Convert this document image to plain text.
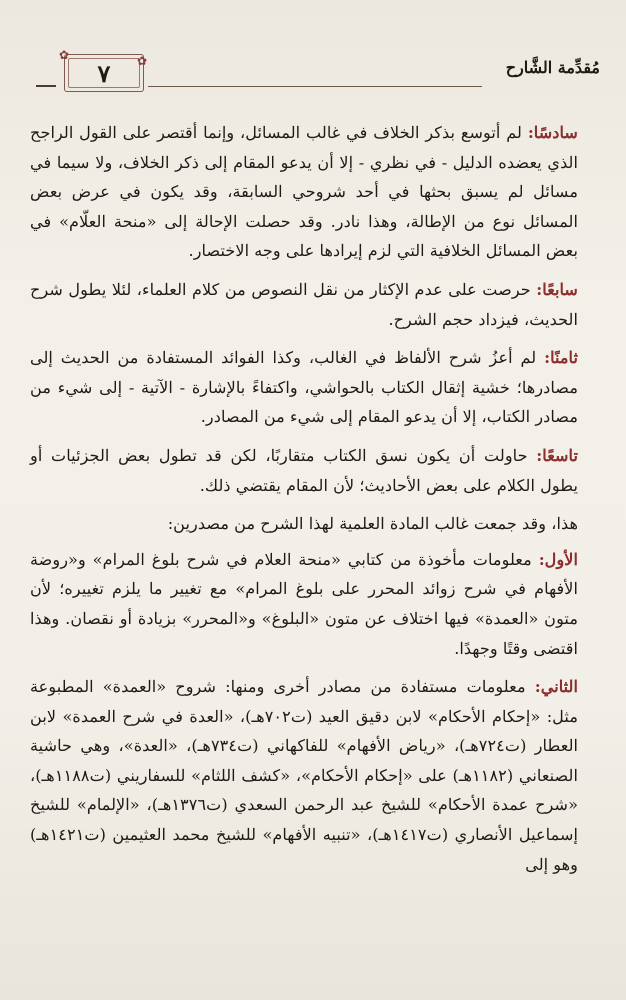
مُقدِّمة الشَّارح
✿	✿
٧

سادسًا: لم أتوسع بذكر الخلاف في غالب المسائل، وإنما أقتصر على القول الراجح الذي يعضده الدليل - في نظري - إلا أن يدعو المقام إلى ذكر الخلاف، ولا سيما في مسائل لم يسبق بحثها في أحد شروحي السابقة، وقد يكون في عرض بعض المسائل نوع من الإطالة، وهذا نادر. وقد حصلت الإحالة إلى «منحة العلّام» في بعض المسائل الخلافية التي لزم إيرادها على وجه الاختصار.

سابعًا: حرصت على عدم الإكثار من نقل النصوص من كلام العلماء، لئلا يطول شرح الحديث، فيزداد حجم الشرح.

ثامنًا: لم أعزُ شرح الألفاظ في الغالب، وكذا الفوائد المستفادة من الحديث إلى مصادرها؛ خشية إثقال الكتاب بالحواشي، واكتفاءً بالإشارة - الآتية - إلى شيء من مصادر الكتاب، إلا أن يدعو المقام إلى شيء من المصادر.

تاسعًا: حاولت أن يكون نسق الكتاب متقاربًا، لكن قد تطول بعض الجزئيات أو يطول الكلام على بعض الأحاديث؛ لأن المقام يقتضي ذلك.

هذا، وقد جمعت غالب المادة العلمية لهذا الشرح من مصدرين:

الأول: معلومات مأخوذة من كتابي «منحة العلام في شرح بلوغ المرام» و«روضة الأفهام في شرح زوائد المحرر على بلوغ المرام» مع تغيير ما يلزم تغييره؛ لأن متون «العمدة» فيها اختلاف عن متون «البلوغ» و«المحرر» بزيادة أو نقصان. وهذا اقتضى وقتًا وجهدًا.

الثاني: معلومات مستفادة من مصادر أخرى ومنها: شروح «العمدة» المطبوعة مثل: «إحكام الأحكام» لابن دقيق العيد (ت٧٠٢هـ)، «العدة في شرح العمدة» لابن العطار (ت٧٢٤هـ)، «رياض الأفهام» للفاكهاني (ت٧٣٤هـ)، «العدة»، وهي حاشية الصنعاني (١١٨٢هـ) على «إحكام الأحكام»، «كشف اللثام» للسفاريني (ت١١٨٨هـ)، «شرح عمدة الأحكام» للشيخ عبد الرحمن السعدي (ت١٣٧٦هـ)، «الإلمام» للشيخ إسماعيل الأنصاري (ت١٤١٧هـ)، «تنبيه الأفهام» للشيخ محمد العثيمين (ت١٤٢١هـ) وهو إلى
